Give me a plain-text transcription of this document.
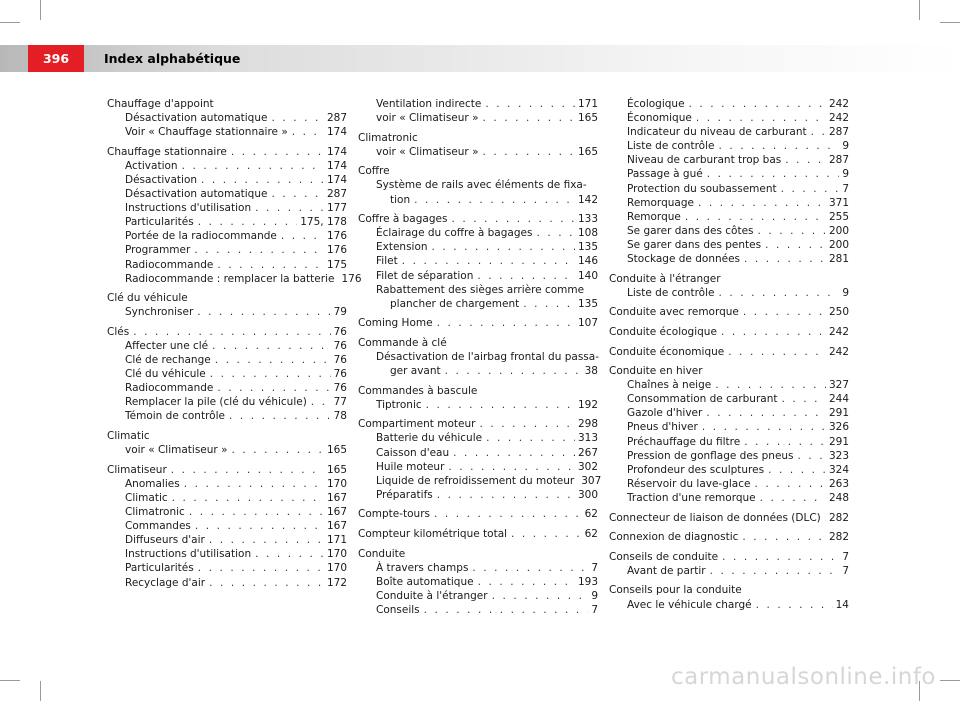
396	Index alphabétique
Chauffage d'appoint
Désactivation automatique . . .	287
Voir « Chauffage stationnaire » . . .	174
Chauffage stationnaire . . .	174
Activation . . .	174
Désactivation . . .	174
Désactivation automatique . . .	287
Instructions d'utilisation . . .	177
Particularités . . .	175, 178
Portée de la radiocommande . . .	176
Programmer . . .	176
Radiocommande . . .	175
Radiocommande : remplacer la batterie 176
Clé du véhicule
Synchroniser . . .	79
Clés . . .	76
Affecter une clé . . .	76
Clé de rechange . . .	76
Clé du véhicule . . .	76
Radiocommande . . .	76
Remplacer la pile (clé du véhicule) . . .	77
Témoin de contrôle . . .	78
Climatic
voir « Climatiseur » . . .	165
Climatiseur . . .	165
Anomalies . . .	170
Climatic . . .	167
Climatronic . . .	167
Commandes . . .	167
Diffuseurs d'air . . .	171
Instructions d'utilisation . . .	170
Particularités . . .	170
Recyclage d'air . . .	172
Ventilation indirecte . . .	171
voir « Climatiseur » . . .	165
Climatronic
voir « Climatiseur » . . .	165
Coffre
Système de rails avec éléments de fixa-
tion . . .	142
Coffre à bagages . . .	133
Éclairage du coffre à bagages . . .	108
Extension . . .	135
Filet . . .	146
Filet de séparation . . .	140
Rabattement des sièges arrière comme
plancher de chargement . . .	135
Coming Home . . .	107
Commande à clé
Désactivation de l'airbag frontal du passa-
ger avant . . .	38
Commandes à bascule
Tiptronic . . .	192
Compartiment moteur . . .	298
Batterie du véhicule . . .	313
Caisson d'eau . . .	267
Huile moteur . . .	302
Liquide de refroidissement du moteur 307
Préparatifs . . .	300
Compte-tours . . .	62
Compteur kilométrique total . . .	62
Conduite
À travers champs . . .	7
Boîte automatique . . .	193
Conduite à l'étranger . . .	9
Conseils . . .	7
Écologique . . .	242
Économique . . .	242
Indicateur du niveau de carburant . . . 287
Liste de contrôle . . .	9
Niveau de carburant trop bas . . .	287
Passage à gué . . .	9
Protection du soubassement . . .	7
Remorquage . . .	371
Remorque . . .	255
Se garer dans des côtes . . .	200
Se garer dans des pentes . . .	200
Stockage de données . . .	281
Conduite à l'étranger
Liste de contrôle . . .	9
Conduite avec remorque . . .	250
Conduite écologique . . .	242
Conduite économique . . .	242
Conduite en hiver
Chaînes à neige . . .	327
Consommation de carburant . . .	244
Gazole d'hiver . . .	291
Pneus d'hiver . . .	326
Préchauffage du filtre . . .	291
Pression de gonflage des pneus . . .	323
Profondeur des sculptures . . .	324
Réservoir du lave-glace . . .	263
Traction d'une remorque . . .	248
Connecteur de liaison de données (DLC) . . . 282
Connexion de diagnostic . . .	282
Conseils de conduite . . .	7
Avant de partir . . .	7
Conseils pour la conduite
Avec le véhicule chargé . . .	14
carmanualsonline.info
